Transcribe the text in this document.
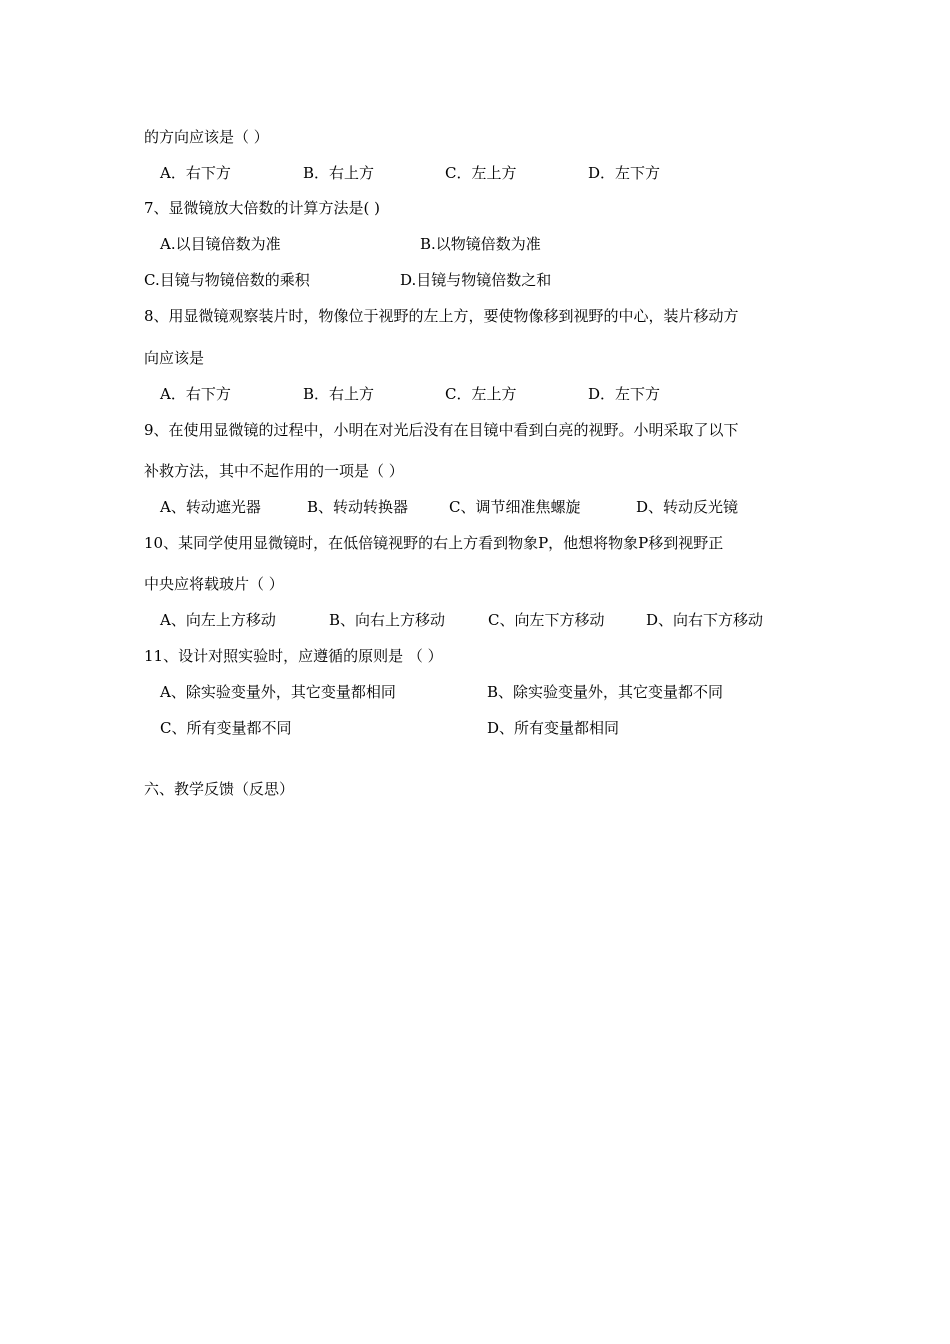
的方向应该是（ ）
A．右下方	B．右上方	C．左上方	D．左下方
7、显微镜放大倍数的计算方法是( )
A.以目镜倍数为准	B.以物镜倍数为准
C.目镜与物镜倍数的乘积	D.目镜与物镜倍数之和
8、用显微镜观察装片时，物像位于视野的左上方，要使物像移到视野的中心，装片移动方
向应该是
A．右下方	B．右上方	C．左上方	D．左下方
9、在使用显微镜的过程中，小明在对光后没有在目镜中看到白亮的视野。小明采取了以下
补救方法，其中不起作用的一项是（ ）
A、转动遮光器	B、转动转换器	C、调节细准焦螺旋	D、转动反光镜
10、某同学使用显微镜时，在低倍镜视野的右上方看到物象P，他想将物象P移到视野正
中央应将载玻片（ ）
A、向左上方移动	B、向右上方移动	C、向左下方移动	D、向右下方移动
11、设计对照实验时，应遵循的原则是 （ ）
A、除实验变量外，其它变量都相同	B、除实验变量外，其它变量都不同
C、所有变量都不同	D、所有变量都相同
六、教学反馈（反思）
